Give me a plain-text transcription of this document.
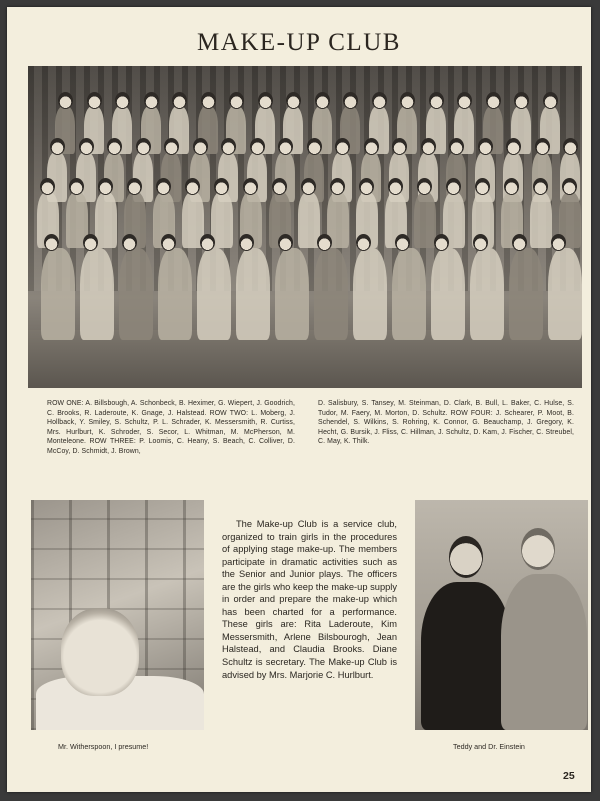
MAKE-UP CLUB
ROW ONE: A. Billsbough, A. Schonbeck, B. Heximer, G. Wiepert, J. Goodrich, C. Brooks, R. Laderoute, K. Gnage, J. Halstead. ROW TWO: L. Moberg, J. Hollback, Y. Smiley, S. Schultz, P. L. Schrader, K. Messersmith, R. Curtiss, Mrs. Hurlburt, K. Schroder, S. Secor, L. Whitman, M. McPherson, M. Monteleone. ROW THREE: P. Loomis, C. Heany, S. Beach, C. Colliver, D. McCoy, D. Schmidt, J. Brown,
D. Salisbury, S. Tansey, M. Steinman, D. Clark, B. Bull, L. Baker, C. Hulse, S. Tudor, M. Faery, M. Morton, D. Schultz. ROW FOUR: J. Schearer, P. Moot, B. Schendel, S. Wilkins, S. Rohring, K. Connor, G. Beauchamp, J. Gregory, K. Hecht, G. Bursik, J. Fliss, C. Hillman, J. Schultz, D. Kam, J. Fischer, C. Streubel, C. May, K. Thilk.
The Make-up Club is a service club, organized to train girls in the procedures of applying stage make-up. The members participate in dramatic activities such as the Senior and Junior plays. The officers are the girls who keep the make-up supply in order and prepare the make-up which has been charted for a performance. These girls are: Rita Laderoute, Kim Messersmith, Arlene Bilsbourogh, Jean Halstead, and Claudia Brooks. Diane Schultz is secretary. The Make-up Club is advised by Mrs. Marjorie C. Hurlburt.
Mr. Witherspoon, I presume!	Teddy and Dr. Einstein
25
